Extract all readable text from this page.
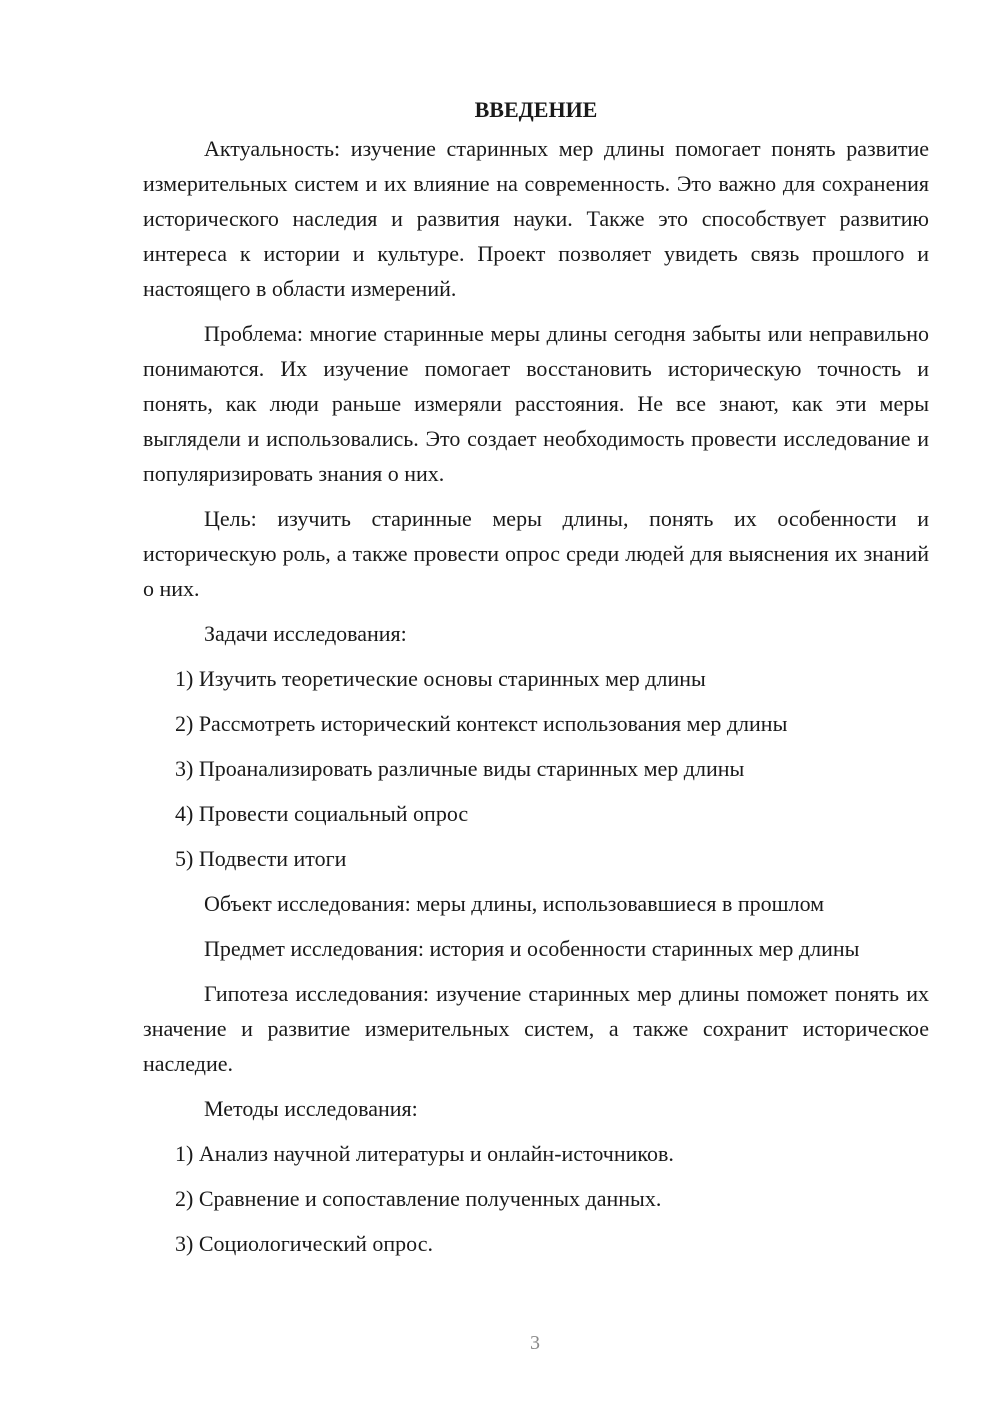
ВВЕДЕНИЕ

Актуальность: изучение старинных мер длины помогает понять развитие измерительных систем и их влияние на современность. Это важно для сохранения исторического наследия и развития науки. Также это способствует развитию интереса к истории и культуре. Проект позволяет увидеть связь прошлого и настоящего в области измерений.

Проблема: многие старинные меры длины сегодня забыты или неправильно понимаются. Их изучение помогает восстановить историческую точность и понять, как люди раньше измеряли расстояния. Не все знают, как эти меры выглядели и использовались. Это создает необходимость провести исследование и популяризировать знания о них.

Цель: изучить старинные меры длины, понять их особенности и историческую роль, а также провести опрос среди людей для выяснения их знаний о них.

Задачи исследования:
1) Изучить теоретические основы старинных мер длины
2) Рассмотреть исторический контекст использования мер длины
3) Проанализировать различные виды старинных мер длины
4) Провести социальный опрос
5) Подвести итоги
Объект исследования: меры длины, использовавшиеся в прошлом

Предмет исследования: история и особенности старинных мер длины

Гипотеза исследования: изучение старинных мер длины поможет понять их значение и развитие измерительных систем, а также сохранит историческое наследие.

Методы исследования:
1) Анализ научной литературы и онлайн-источников.
2) Сравнение и сопоставление полученных данных.
3) Социологический опрос.
3
